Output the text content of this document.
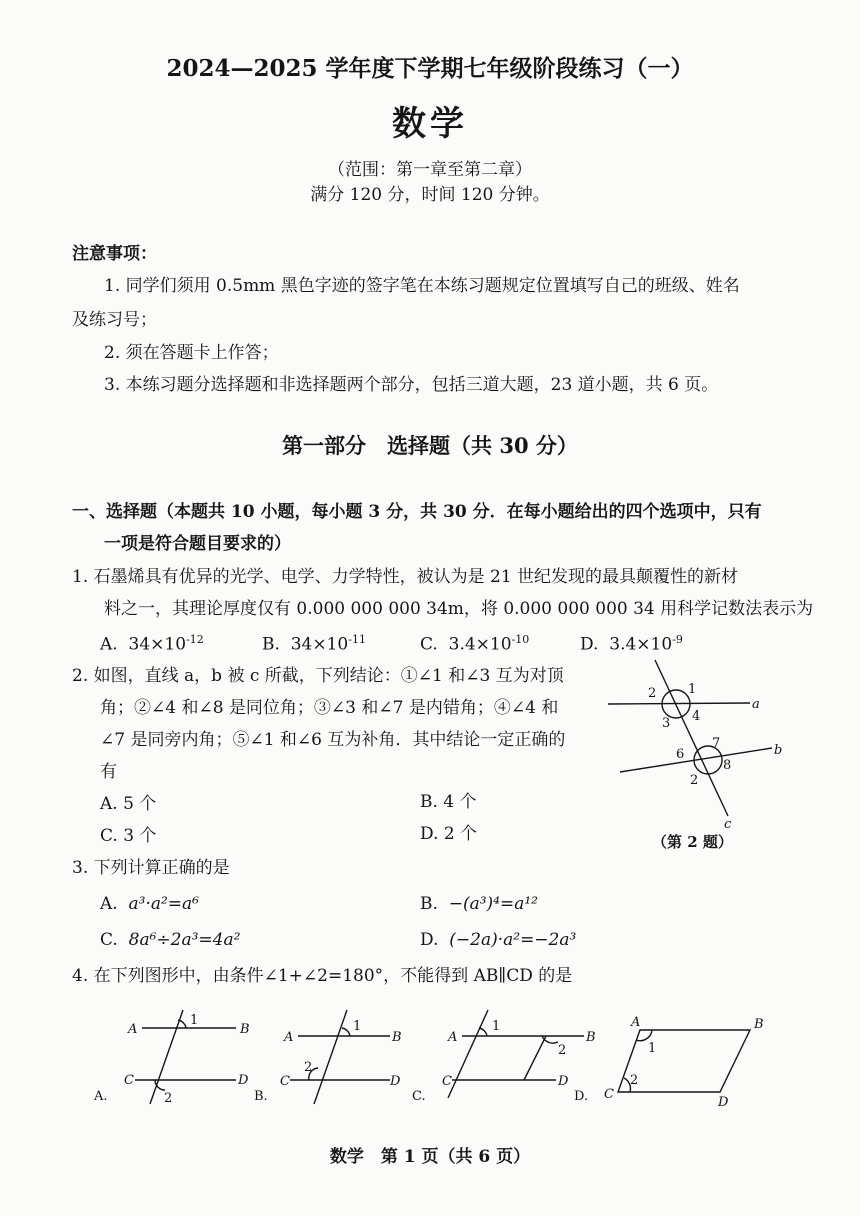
2024—2025 学年度下学期七年级阶段练习（一）
数学
（范围：第一章至第二章）
满分 120 分，时间 120 分钟。
注意事项：
1. 同学们须用 0.5mm 黑色字迹的签字笔在本练习题规定位置填写自己的班级、姓名
及练习号；
2. 须在答题卡上作答；
3. 本练习题分选择题和非选择题两个部分，包括三道大题，23 道小题，共 6 页。
第一部分　选择题（共 30 分）
一、选择题（本题共 10 小题，每小题 3 分，共 30 分．在每小题给出的四个选项中，只有
一项是符合题目要求的）
1. 石墨烯具有优异的光学、电学、力学特性，被认为是 21 世纪发现的最具颠覆性的新材
料之一，其理论厚度仅有 0.000 000 000 34m，将 0.000 000 000 34 用科学记数法表示为
A. $34\times 10^{-12}$	B. $34\times 10^{-11}$	C. $3.4\times 10^{-10}$	D. $3.4\times 10^{-9}$
2. 如图，直线 a，b 被 c 所截，下列结论：①∠1 和∠3 互为对顶
角；②∠4 和∠8 是同位角；③∠3 和∠7 是内错角；④∠4 和
∠7 是同旁内角；⑤∠1 和∠6 互为补角．其中结论一定正确的
有
A. 5 个	B. 4 个
C. 3 个	D. 2 个
1
2
3 4
6
7
2
8
a
b
c
（第 2 题）
3. 下列计算正确的是
A. a³·a²=a⁶	B. −(a³)⁴=a¹²
C. 8a⁶÷2a³=4a²	D. (−2a)·a²=−2a³
4. 在下列图形中，由条件∠1+∠2=180°，不能得到 AB∥CD 的是
A	B
C	D
1
2
A.
A	B
C	D
1
2
B.
A	B
C	D
1
2
C.
A	B
C
D
1
2
D.
数学　第 1 页（共 6 页）
